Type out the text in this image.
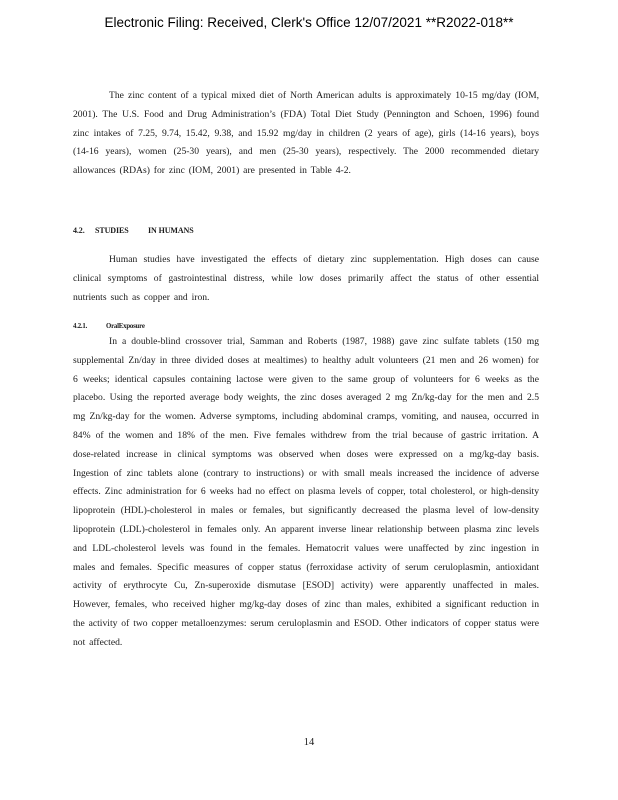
Electronic Filing: Received, Clerk's Office 12/07/2021 **R2022-018**
The zinc content of a typical mixed diet of North American adults is approximately 10-15 mg/day (IOM, 2001). The U.S. Food and Drug Administration’s (FDA) Total Diet Study (Pennington and Schoen, 1996) found zinc intakes of 7.25, 9.74, 15.42, 9.38, and 15.92 mg/day in children (2 years of age), girls (14-16 years), boys (14-16 years), women (25-30 years), and men (25-30 years), respectively. The 2000 recommended dietary allowances (RDAs) for zinc (IOM, 2001) are presented in Table 4-2.
4.2. STUDIES IN HUMANS
Human studies have investigated the effects of dietary zinc supplementation. High doses can cause clinical symptoms of gastrointestinal distress, while low doses primarily affect the status of other essential nutrients such as copper and iron.
4.2.1.	OralExposure
In a double-blind crossover trial, Samman and Roberts (1987, 1988) gave zinc sulfate tablets (150 mg supplemental Zn/day in three divided doses at mealtimes) to healthy adult volunteers (21 men and 26 women) for 6 weeks; identical capsules containing lactose were given to the same group of volunteers for 6 weeks as the placebo. Using the reported average body weights, the zinc doses averaged 2 mg Zn/kg-day for the men and 2.5 mg Zn/kg-day for the women. Adverse symptoms, including abdominal cramps, vomiting, and nausea, occurred in 84% of the women and 18% of the men. Five females withdrew from the trial because of gastric irritation. A dose-related increase in clinical symptoms was observed when doses were expressed on a mg/kg-day basis. Ingestion of zinc tablets alone (contrary to instructions) or with small meals increased the incidence of adverse effects. Zinc administration for 6 weeks had no effect on plasma levels of copper, total cholesterol, or high-density lipoprotein (HDL)-cholesterol in males or females, but significantly decreased the plasma level of low-density lipoprotein (LDL)-cholesterol in females only. An apparent inverse linear relationship between plasma zinc levels and LDL-cholesterol levels was found in the females. Hematocrit values were unaffected by zinc ingestion in males and females. Specific measures of copper status (ferroxidase activity of serum ceruloplasmin, antioxidant activity of erythrocyte Cu, Zn-superoxide dismutase [ESOD] activity) were apparently unaffected in males. However, females, who received higher mg/kg-day doses of zinc than males, exhibited a significant reduction in the activity of two copper metalloenzymes: serum ceruloplasmin and ESOD. Other indicators of copper status were not affected.
14
